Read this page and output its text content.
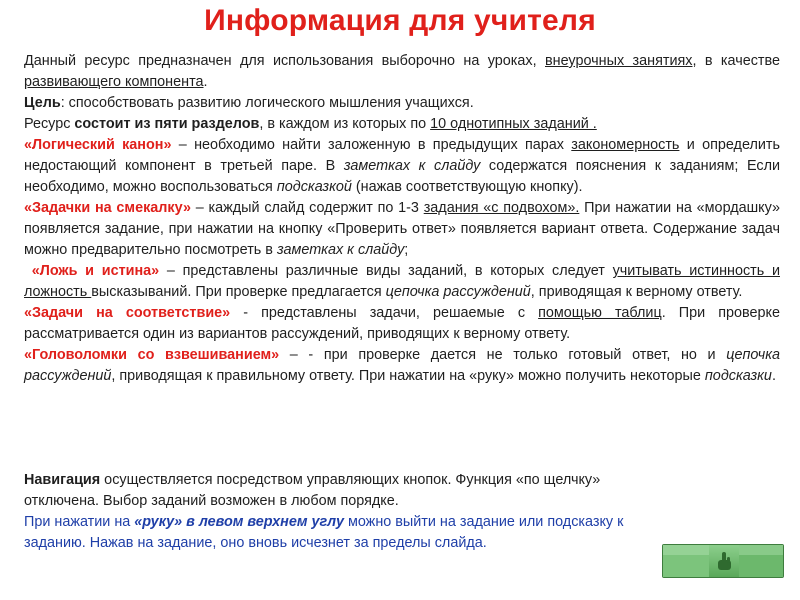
Информация для учителя

Данный ресурс предназначен для использования выборочно на уроках, внеурочных занятиях, в качестве развивающего компонента.

Цель: способствовать развитию логического мышления учащихся.

Ресурс состоит из пяти разделов, в каждом из которых по 10 однотипных заданий .

«Логический канон» – необходимо найти заложенную в предыдущих парах закономерность и определить недостающий компонент в третьей паре. В заметках к слайду содержатся пояснения к заданиям; Если необходимо, можно воспользоваться подсказкой (нажав соответствующую кнопку).

«Задачки на смекалку» – каждый слайд содержит по 1-3 задания «с подвохом». При нажатии на «мордашку» появляется задание, при нажатии на кнопку «Проверить ответ» появляется вариант ответа. Содержание задач можно предварительно посмотреть в заметках к слайду;

«Ложь и истина» – представлены различные виды заданий, в которых следует учитывать истинность и ложность высказываний. При проверке предлагается цепочка рассуждений, приводящая к верному ответу.

«Задачи на соответствие» - представлены задачи, решаемые с помощью таблиц. При проверке рассматривается один из вариантов рассуждений, приводящих к верному ответу.

«Головоломки со взвешиванием» – - при проверке дается не только готовый ответ, но и цепочка рассуждений, приводящая к правильному ответу. При нажатии на «руку» можно получить некоторые подсказки.

Навигация осуществляется посредством управляющих кнопок. Функция «по щелчку» отключена. Выбор заданий возможен в любом порядке.

При нажатии на «руку» в левом верхнем углу можно выйти на задание или подсказку к заданию. Нажав на задание, оно вновь исчезнет за пределы слайда.
